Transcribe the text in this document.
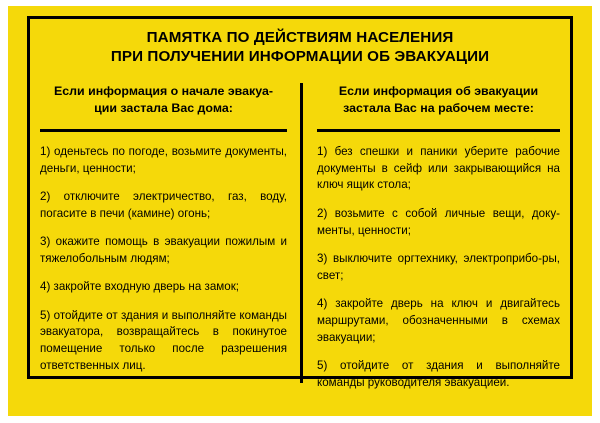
ПАМЯТКА ПО ДЕЙСТВИЯМ НАСЕЛЕНИЯ
ПРИ ПОЛУЧЕНИИ ИНФОРМАЦИИ ОБ ЭВАКУАЦИИ
Если информация о начале эвакуа-
ции застала Вас дома:

1) оденьтесь по погоде, возьмите документы, деньги, ценности;

2) отключите электричество, газ, воду, погасите в печи (камине) огонь;

3) окажите помощь в эвакуации пожилым и тяжелобольным людям;

4) закройте входную дверь на замок;

5) отойдите от здания и выполняйте команды эвакуатора, возвращайтесь в покинутое помещение только после разрешения ответственных лиц.

Если информация об эвакуации
застала Вас на рабочем месте:

1) без спешки и паники уберите рабочие документы в сейф или закрывающийся на ключ ящик стола;

2) возьмите с собой личные вещи, доку-менты, ценности;

3) выключите оргтехнику, электроприбо-ры, свет;

4) закройте дверь на ключ и двигайтесь маршрутами, обозначенными в схемах эвакуации;

5) отойдите от здания и выполняйте команды руководителя эвакуацией.
